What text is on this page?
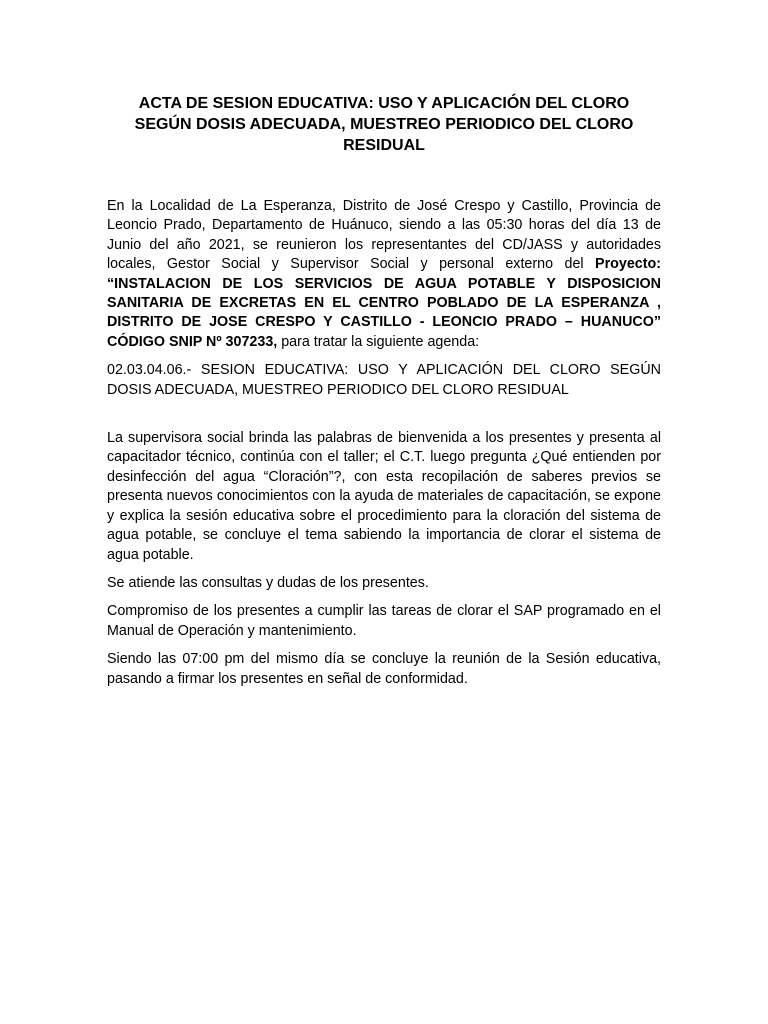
ACTA DE SESION EDUCATIVA: USO Y APLICACIÓN DEL CLORO SEGÚN DOSIS ADECUADA, MUESTREO PERIODICO DEL CLORO RESIDUAL

En la Localidad de La Esperanza, Distrito de José Crespo y Castillo, Provincia de Leoncio Prado, Departamento de Huánuco, siendo a las 05:30 horas del día 13 de Junio del año 2021, se reunieron los representantes del CD/JASS y autoridades locales, Gestor Social y Supervisor Social y personal externo del Proyecto: “INSTALACION DE LOS SERVICIOS DE AGUA POTABLE Y DISPOSICION SANITARIA DE EXCRETAS EN EL CENTRO POBLADO DE LA ESPERANZA , DISTRITO DE JOSE CRESPO Y CASTILLO - LEONCIO PRADO – HUANUCO” CÓDIGO SNIP Nº 307233, para tratar la siguiente agenda:

02.03.04.06.- SESION EDUCATIVA: USO Y APLICACIÓN DEL CLORO SEGÚN DOSIS ADECUADA, MUESTREO PERIODICO DEL CLORO RESIDUAL

La supervisora social brinda las palabras de bienvenida a los presentes y presenta al capacitador técnico, continúa con el taller; el C.T. luego pregunta ¿Qué entienden por desinfección del agua “Cloración”?, con esta recopilación de saberes previos se presenta nuevos conocimientos con la ayuda de materiales de capacitación, se expone y explica la sesión educativa sobre el procedimiento para la cloración del sistema de agua potable, se concluye el tema sabiendo la importancia de clorar el sistema de agua potable.

Se atiende las consultas y dudas de los presentes.

Compromiso de los presentes a cumplir las tareas de clorar el SAP programado en el Manual de Operación y mantenimiento.

Siendo las 07:00 pm del mismo día se concluye la reunión de la Sesión educativa, pasando a firmar los presentes en señal de conformidad.
